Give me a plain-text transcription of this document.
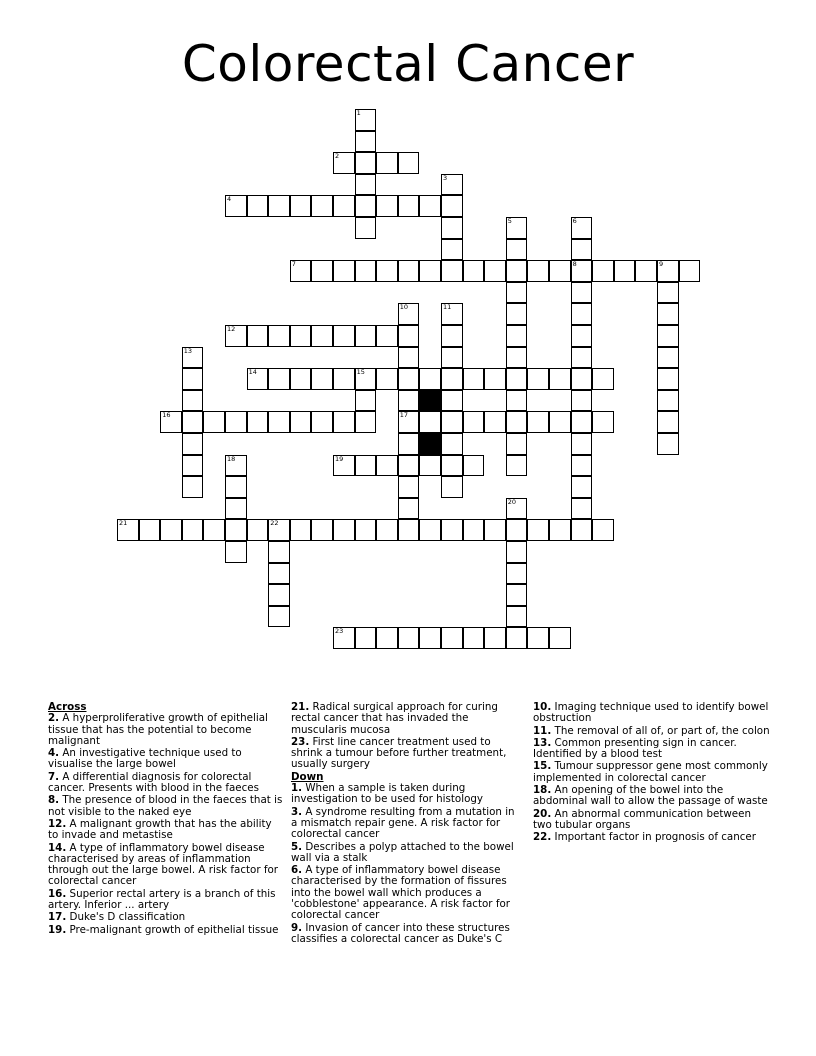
Colorectal Cancer
1
2
3
4
5	6
7	8	9
10	11
12
13
14	15
16	17
18	19
20
21	22
23
Across
2. A hyperproliferative growth of epithelial tissue that has the potential to become malignant
4. An investigative technique used to visualise the large bowel
7. A differential diagnosis for colorectal cancer. Presents with blood in the faeces
8. The presence of blood in the faeces that is not visible to the naked eye
12. A malignant growth that has the ability to invade and metastise
14. A type of inflammatory bowel disease characterised by areas of inflammation through out the large bowel. A risk factor for colorectal cancer
16. Superior rectal artery is a branch of this artery. Inferior ... artery
17. Duke's D classification
19. Pre-malignant growth of epithelial tissue
21. Radical surgical approach for curing rectal cancer that has invaded the muscularis mucosa
23. First line cancer treatment used to shrink a tumour before further treatment, usually surgery
Down
1. When a sample is taken during investigation to be used for histology
3. A syndrome resulting from a mutation in a mismatch repair gene. A risk factor for colorectal cancer
5. Describes a polyp attached to the bowel wall via a stalk
6. A type of inflammatory bowel disease characterised by the formation of fissures into the bowel wall which produces a 'cobblestone' appearance. A risk factor for colorectal cancer
9. Invasion of cancer into these structures classifies a colorectal cancer as Duke's C
10. Imaging technique used to identify bowel obstruction
11. The removal of all of, or part of, the colon
13. Common presenting sign in cancer. Identified by a blood test
15. Tumour suppressor gene most commonly implemented in colorectal cancer
18. An opening of the bowel into the abdominal wall to allow the passage of waste
20. An abnormal communication between two tubular organs
22. Important factor in prognosis of cancer
